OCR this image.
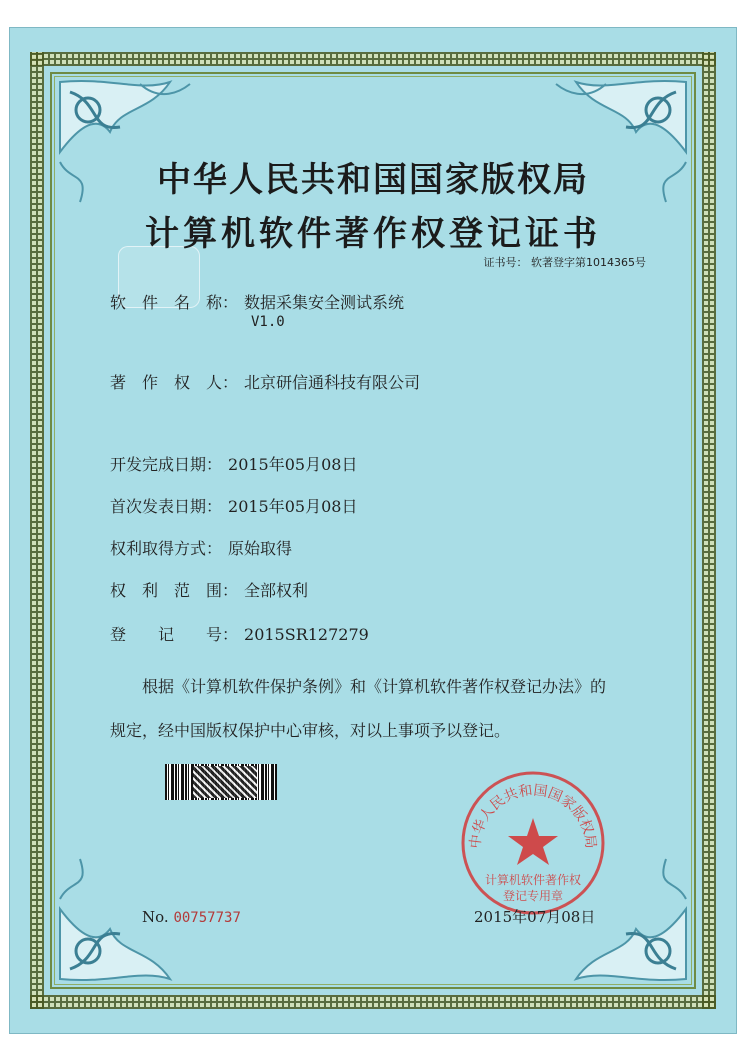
中华人民共和国国家版权局
计算机软件著作权登记证书
证书号： 软著登字第1014365号
软　件　名　称： 数据采集安全测试系统
V1.0
著　作　权　人： 北京研信通科技有限公司
开发完成日期： 2015年05月08日
首次发表日期： 2015年05月08日
权利取得方式： 原始取得
权　利　范　围： 全部权利
登　　记　　号： 2015SR127279
根据《计算机软件保护条例》和《计算机软件著作权登记办法》的
规定，经中国版权保护中心审核，对以上事项予以登记。
No. 00757737
中华人民共和国国家版权局
计算机软件著作权
登记专用章
2015年07月08日
